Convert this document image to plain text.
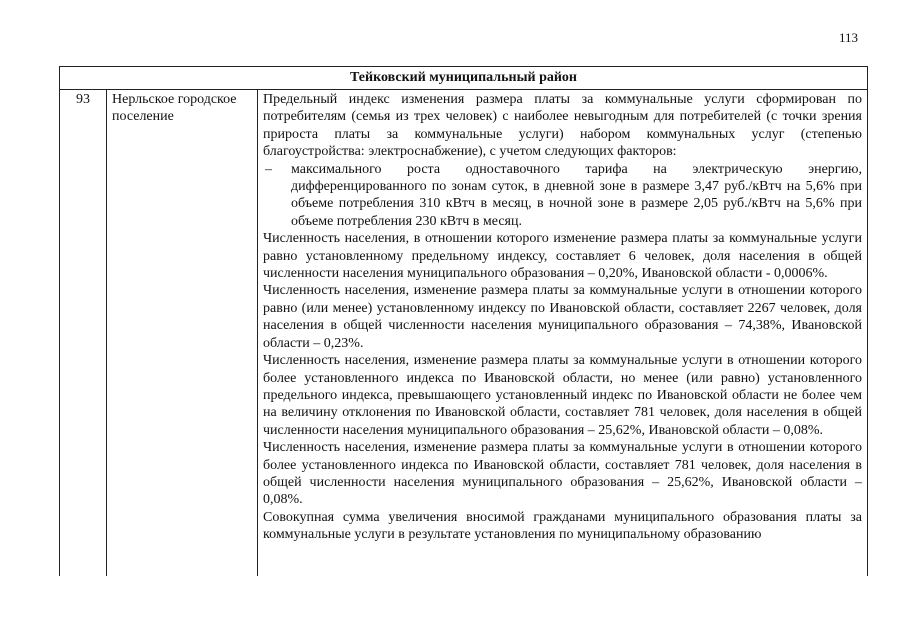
113
Тейковский муниципальный район
93	Нерльское городское поселение

Предельный индекс изменения размера платы за коммунальные услуги сформирован по потребителям (семья из трех человек) с наиболее невыгодным для потребителей (с точки зрения прироста платы за коммунальные услуги) набором коммунальных услуг (степенью благоустройства: электроснабжение), с учетом следующих факторов:

–	максимального роста одноставочного тарифа на электрическую энергию, дифференцированного по зонам суток, в дневной зоне в размере 3,47 руб./кВтч на 5,6% при объеме потребления 310 кВтч в месяц, в ночной зоне в размере 2,05 руб./кВтч на 5,6% при объеме потребления 230 кВтч в месяц.

Численность населения, в отношении которого изменение размера платы за коммунальные услуги равно установленному предельному индексу, составляет 6 человек, доля населения в общей численности населения муниципального образования – 0,20%, Ивановской области - 0,0006%.

Численность населения, изменение размера платы за коммунальные услуги в отношении которого равно (или менее) установленному индексу по Ивановской области, составляет 2267 человек, доля населения в общей численности населения муниципального образования – 74,38%, Ивановской области – 0,23%.

Численность населения, изменение размера платы за коммунальные услуги в отношении которого более установленного индекса по Ивановской области, но менее (или равно) установленного предельного индекса, превышающего установленный индекс по Ивановской области не более чем на величину отклонения по Ивановской области, составляет 781 человек, доля населения в общей численности населения муниципального образования – 25,62%, Ивановской области – 0,08%.

Численность населения, изменение размера платы за коммунальные услуги в отношении которого более установленного индекса по Ивановской области, составляет 781 человек, доля населения в общей численности населения муниципального образования – 25,62%, Ивановской области – 0,08%.

Совокупная сумма увеличения вносимой гражданами муниципального образования платы за коммунальные услуги в результате установления по муниципальному образованию
